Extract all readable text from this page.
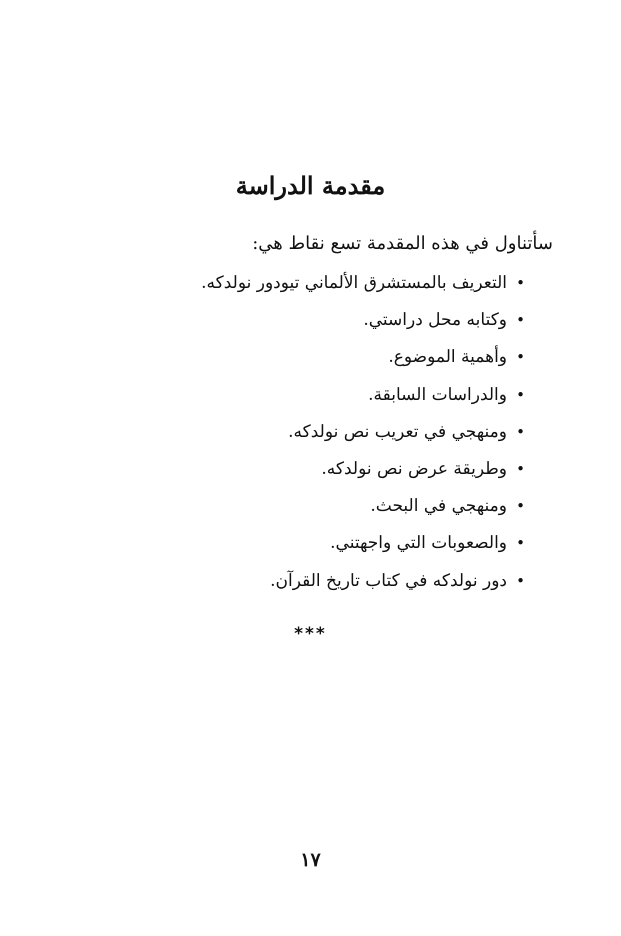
مقدمة الدراسة
سأتناول في هذه المقدمة تسع نقاط هي:
•
التعريف بالمستشرق الألماني تيودور نولدكه.
•
وكتابه محل دراستي.
•
وأهمية الموضوع.
•
والدراسات السابقة.
•
ومنهجي في تعريب نص نولدكه.
•
وطريقة عرض نص نولدكه.
•
ومنهجي في البحث.
•
والصعوبات التي واجهتني.
•
دور نولدكه في كتاب تاريخ القرآن.
***
١٧
